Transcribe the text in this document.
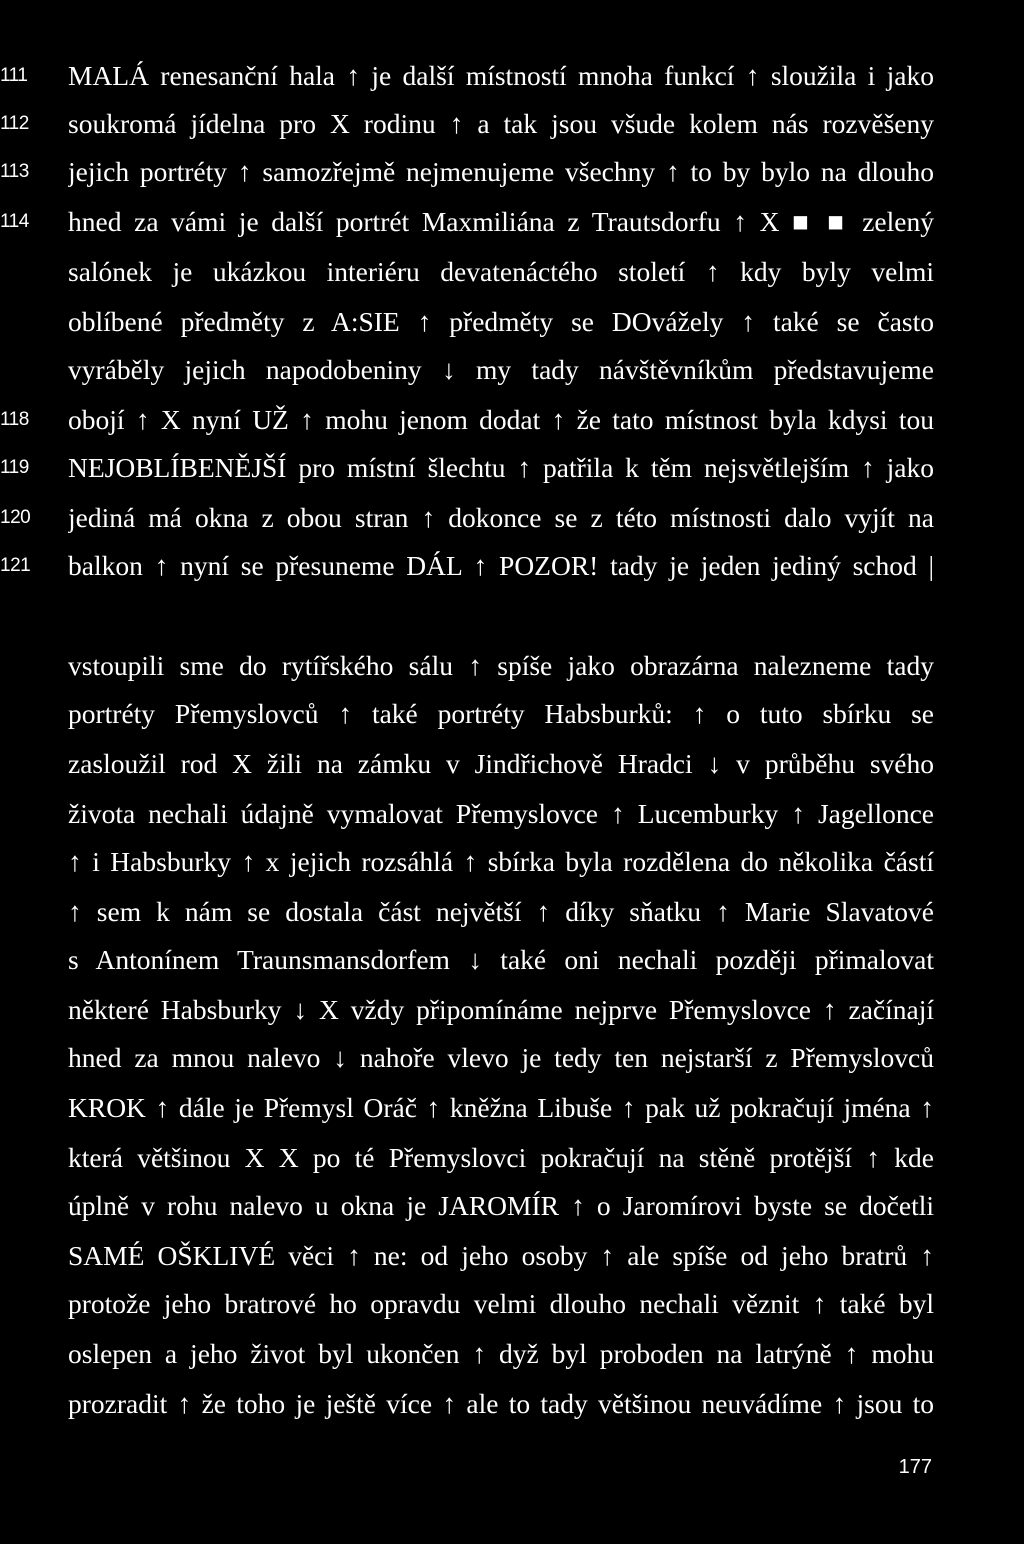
111	MALÁ renesanční hala ↑ je další místností mnoha funkcí ↑ sloužila i jako
112	soukromá jídelna pro X rodinu ↑ a tak jsou všude kolem nás rozvěšeny
113	jejich portréty ↑ samozřejmě nejmenujeme všechny ↑ to by bylo na dlouho
114	hned za vámi je další portrét Maxmiliána z Trautsdorfu ↑ X ■ ■ zelený
salónek je ukázkou interiéru devatenáctého století ↑ kdy byly velmi
oblíbené předměty z A:SIE ↑ předměty se DOvážely ↑ také se často
vyráběly jejich napodobeniny ↓ my tady návštěvníkům představujeme
118	obojí ↑ X nyní UŽ ↑ mohu jenom dodat ↑ že tato místnost byla kdysi tou
119	NEJOBLÍBENĚJŠÍ pro místní šlechtu ↑ patřila k těm nejsvětlejším ↑ jako
120	jediná má okna z obou stran ↑ dokonce se z této místnosti dalo vyjít na
121	balkon ↑ nyní se přesuneme DÁL ↑ POZOR! tady je jeden jediný schod |
vstoupili sme do rytířského sálu ↑ spíše jako obrazárna nalezneme tady
portréty Přemyslovců ↑ také portréty Habsburků: ↑ o tuto sbírku se
zasloužil rod X žili na zámku v Jindřichově Hradci ↓ v průběhu svého
života nechali údajně vymalovat Přemyslovce ↑ Lucemburky ↑ Jagellonce
↑ i Habsburky ↑ x jejich rozsáhlá ↑ sbírka byla rozdělena do několika částí
↑ sem k nám se dostala část největší ↑ díky sňatku ↑ Marie Slavatové
s Antonínem Traunsmansdorfem ↓ také oni nechali později přimalovat
některé Habsburky ↓ X vždy připomínáme nejprve Přemyslovce ↑ začínají
hned za mnou nalevo ↓ nahoře vlevo je tedy ten nejstarší z Přemyslovců
KROK ↑ dále je Přemysl Oráč ↑ kněžna Libuše ↑ pak už pokračují jména ↑
která většinou X X po té Přemyslovci pokračují na stěně protější ↑ kde
úplně v rohu nalevo u okna je JAROMÍR ↑ o Jaromírovi byste se dočetli
SAMÉ OŠKLIVÉ věci ↑ ne: od jeho osoby ↑ ale spíše od jeho bratrů ↑
protože jeho bratrové ho opravdu velmi dlouho nechali věznit ↑ také byl
oslepen a jeho život byl ukončen ↑ dyž byl proboden na latrýně ↑ mohu
prozradit ↑ že toho je ještě více ↑ ale to tady většinou neuvádíme ↑ jsou to
177
